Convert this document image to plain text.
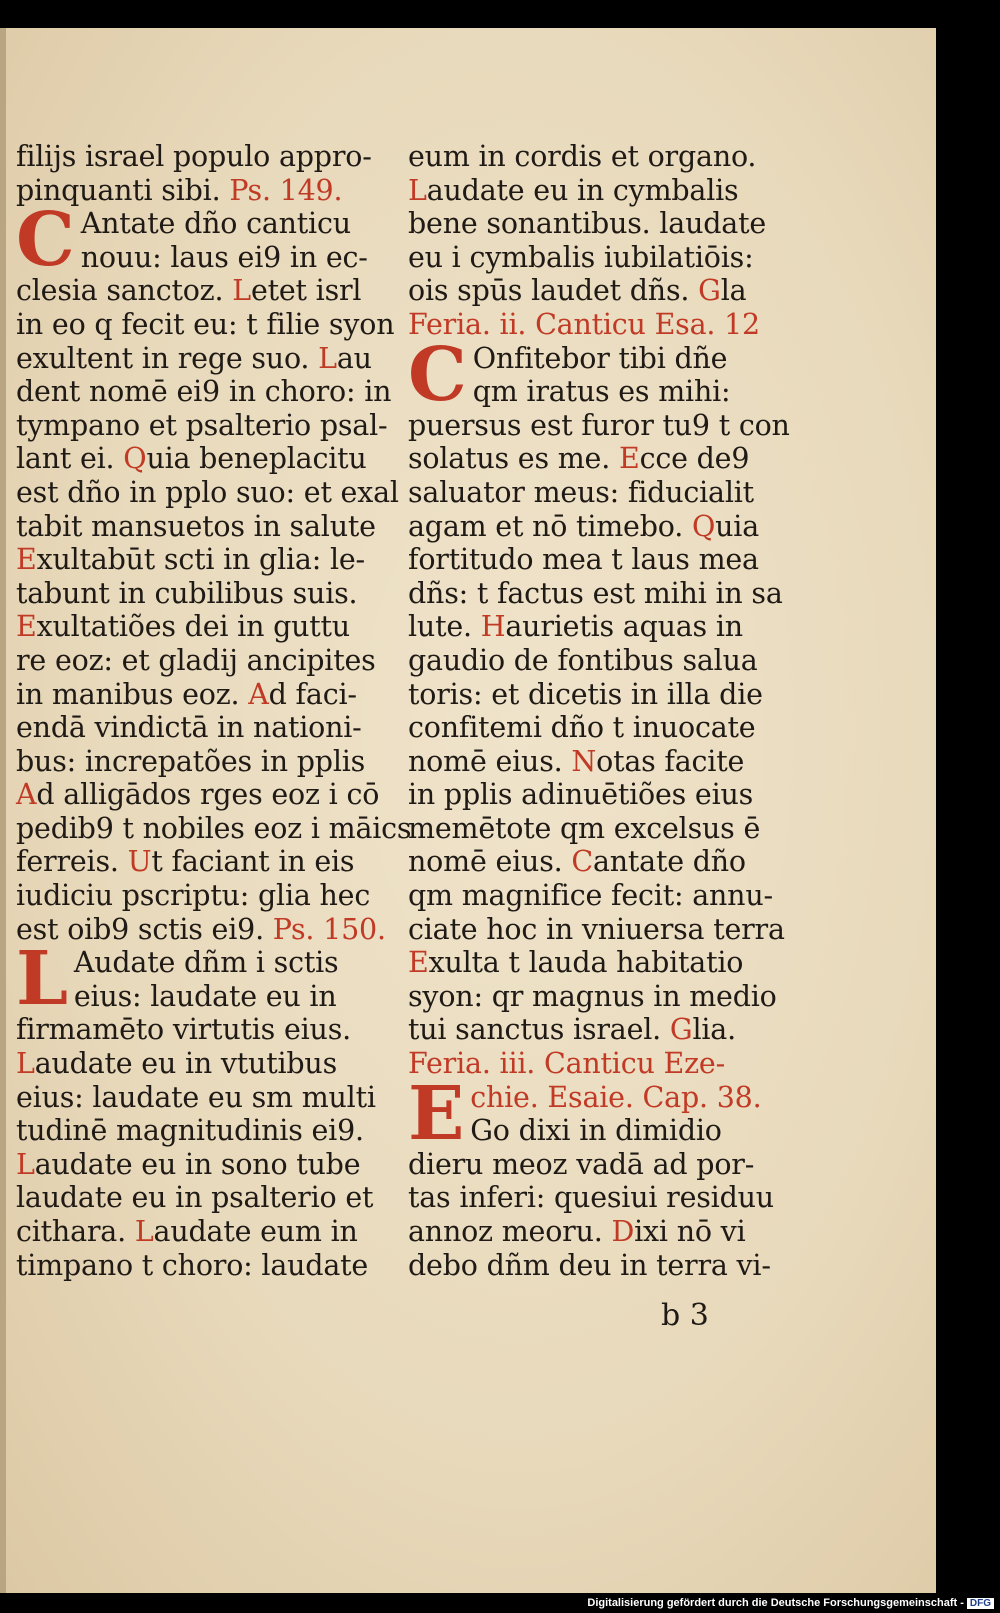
filijs israel populo appro-
pinquanti sibi. Ps. 149.
C Antate dño canticu
nouu: laus ei9 in ec-
clesia sanctoz. Letet isrl
in eo q fecit eu: t filie syon
exultent in rege suo. Lau
dent nomē ei9 in choro: in
tympano et psalterio psal-
lant ei. Quia beneplacitu
est dño in pplo suo: et exal
tabit mansuetos in salute
Exultabūt scti in glia: le-
tabunt in cubilibus suis.
Exultatiões dei in guttu
re eoz: et gladij ancipites
in manibus eoz. Ad faci-
endā vindictā in nationi-
bus: increpatões in pplis
Ad alligādos rges eoz i cō
pedib9 t nobiles eoz i māics
ferreis. Ut faciant in eis
iudiciu pscriptu: glia hec
est oib9 sctis ei9. Ps. 150.
L Audate dñm i sctis
eius: laudate eu in
firmamēto virtutis eius.
Laudate eu in vtutibus
eius: laudate eu sm multi
tudinē magnitudinis ei9.
Laudate eu in sono tube
laudate eu in psalterio et
cithara. Laudate eum in
timpano t choro: laudate
eum in cordis et organo.
Laudate eu in cymbalis
bene sonantibus. laudate
eu i cymbalis iubilatiōis:
ois spūs laudet dñs. Gla
Feria. ii. Canticu Esa. 12
C Onfitebor tibi dñe
qm iratus es mihi:
puersus est furor tu9 t con
solatus es me. Ecce de9
saluator meus: fiducialit
agam et nō timebo. Quia
fortitudo mea t laus mea
dñs: t factus est mihi in sa
lute. Haurietis aquas in
gaudio de fontibus salua
toris: et dicetis in illa die
confitemi dño t inuocate
nomē eius. Notas facite
in pplis adinuētiões eius
memētote qm excelsus ē
nomē eius. Cantate dño
qm magnifice fecit: annu-
ciate hoc in vniuersa terra
Exulta t lauda habitatio
syon: qr magnus in medio
tui sanctus israel. Glia.
Feria. iii. Canticu Eze-
Echie. Esaie. Cap. 38.
Go dixi in dimidio
dieru meoz vadā ad por-
tas inferi: quesiui residuu
annoz meoru. Dixi nō vi
debo dñm deu in terra vi-
b 3
Digitalisierung gefördert durch die Deutsche Forschungsgemeinschaft - DFG
